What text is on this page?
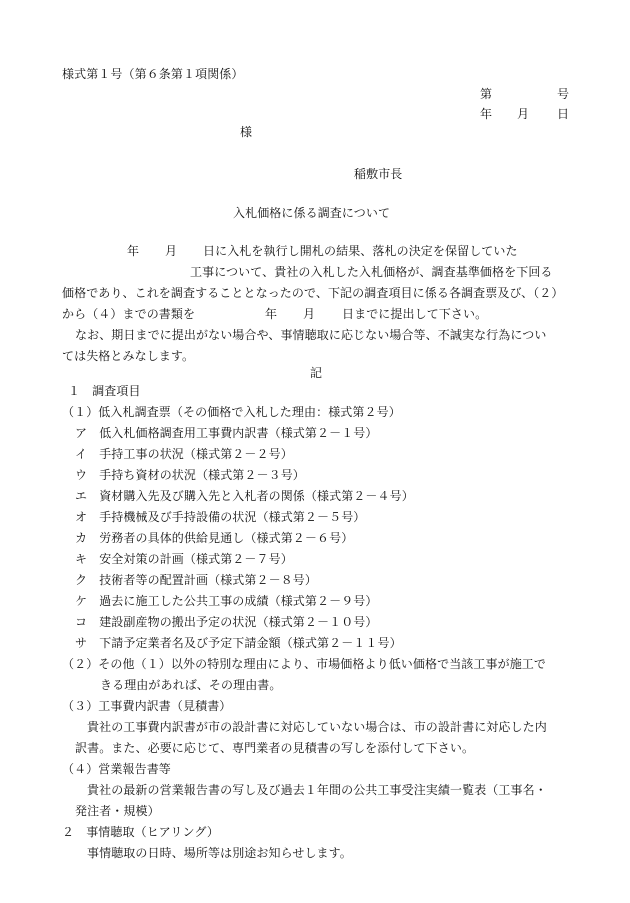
様式第１号（第６条第１項関係）
第	号
年 月 日
様
稲敷市長
入札価格に係る調査について
年 月 日に入札を執行し開札の結果、落札の決定を保留していた
工事について、貴社の入札した入札価格が、調査基準価格を下回る
価格であり、これを調査することとなったので、下記の調査項目に係る各調査票及び、（２）
から（４）までの書類を	年 月 日までに提出して下さい。
なお、期日までに提出がない場合や、事情聴取に応じない場合等、不誠実な行為につい
ては失格とみなします。
記
１　調査項目
（１）低入札調査票（その価格で入札した理由：様式第２号）
ア　低入札価格調査用工事費内訳書（様式第２－１号）
イ　手持工事の状況（様式第２－２号）
ウ　手持ち資材の状況（様式第２－３号）
エ　資材購入先及び購入先と入札者の関係（様式第２－４号）
オ　手持機械及び手持設備の状況（様式第２－５号）
カ　労務者の具体的供給見通し（様式第２－６号）
キ　安全対策の計画（様式第２－７号）
ク　技術者等の配置計画（様式第２－８号）
ケ　過去に施工した公共工事の成績（様式第２－９号）
コ　建設副産物の搬出予定の状況（様式第２－１０号）
サ　下請予定業者名及び予定下請金額（様式第２－１１号）
（２）その他（１）以外の特別な理由により、市場価格より低い価格で当該工事が施工で
きる理由があれば、その理由書。
（３）工事費内訳書（見積書）
貴社の工事費内訳書が市の設計書に対応していない場合は、市の設計書に対応した内
訳書。また、必要に応じて、専門業者の見積書の写しを添付して下さい。
（４）営業報告書等
貴社の最新の営業報告書の写し及び過去１年間の公共工事受注実績一覧表（工事名・
発注者・規模）
２　事情聴取（ヒアリング）
事情聴取の日時、場所等は別途お知らせします。
